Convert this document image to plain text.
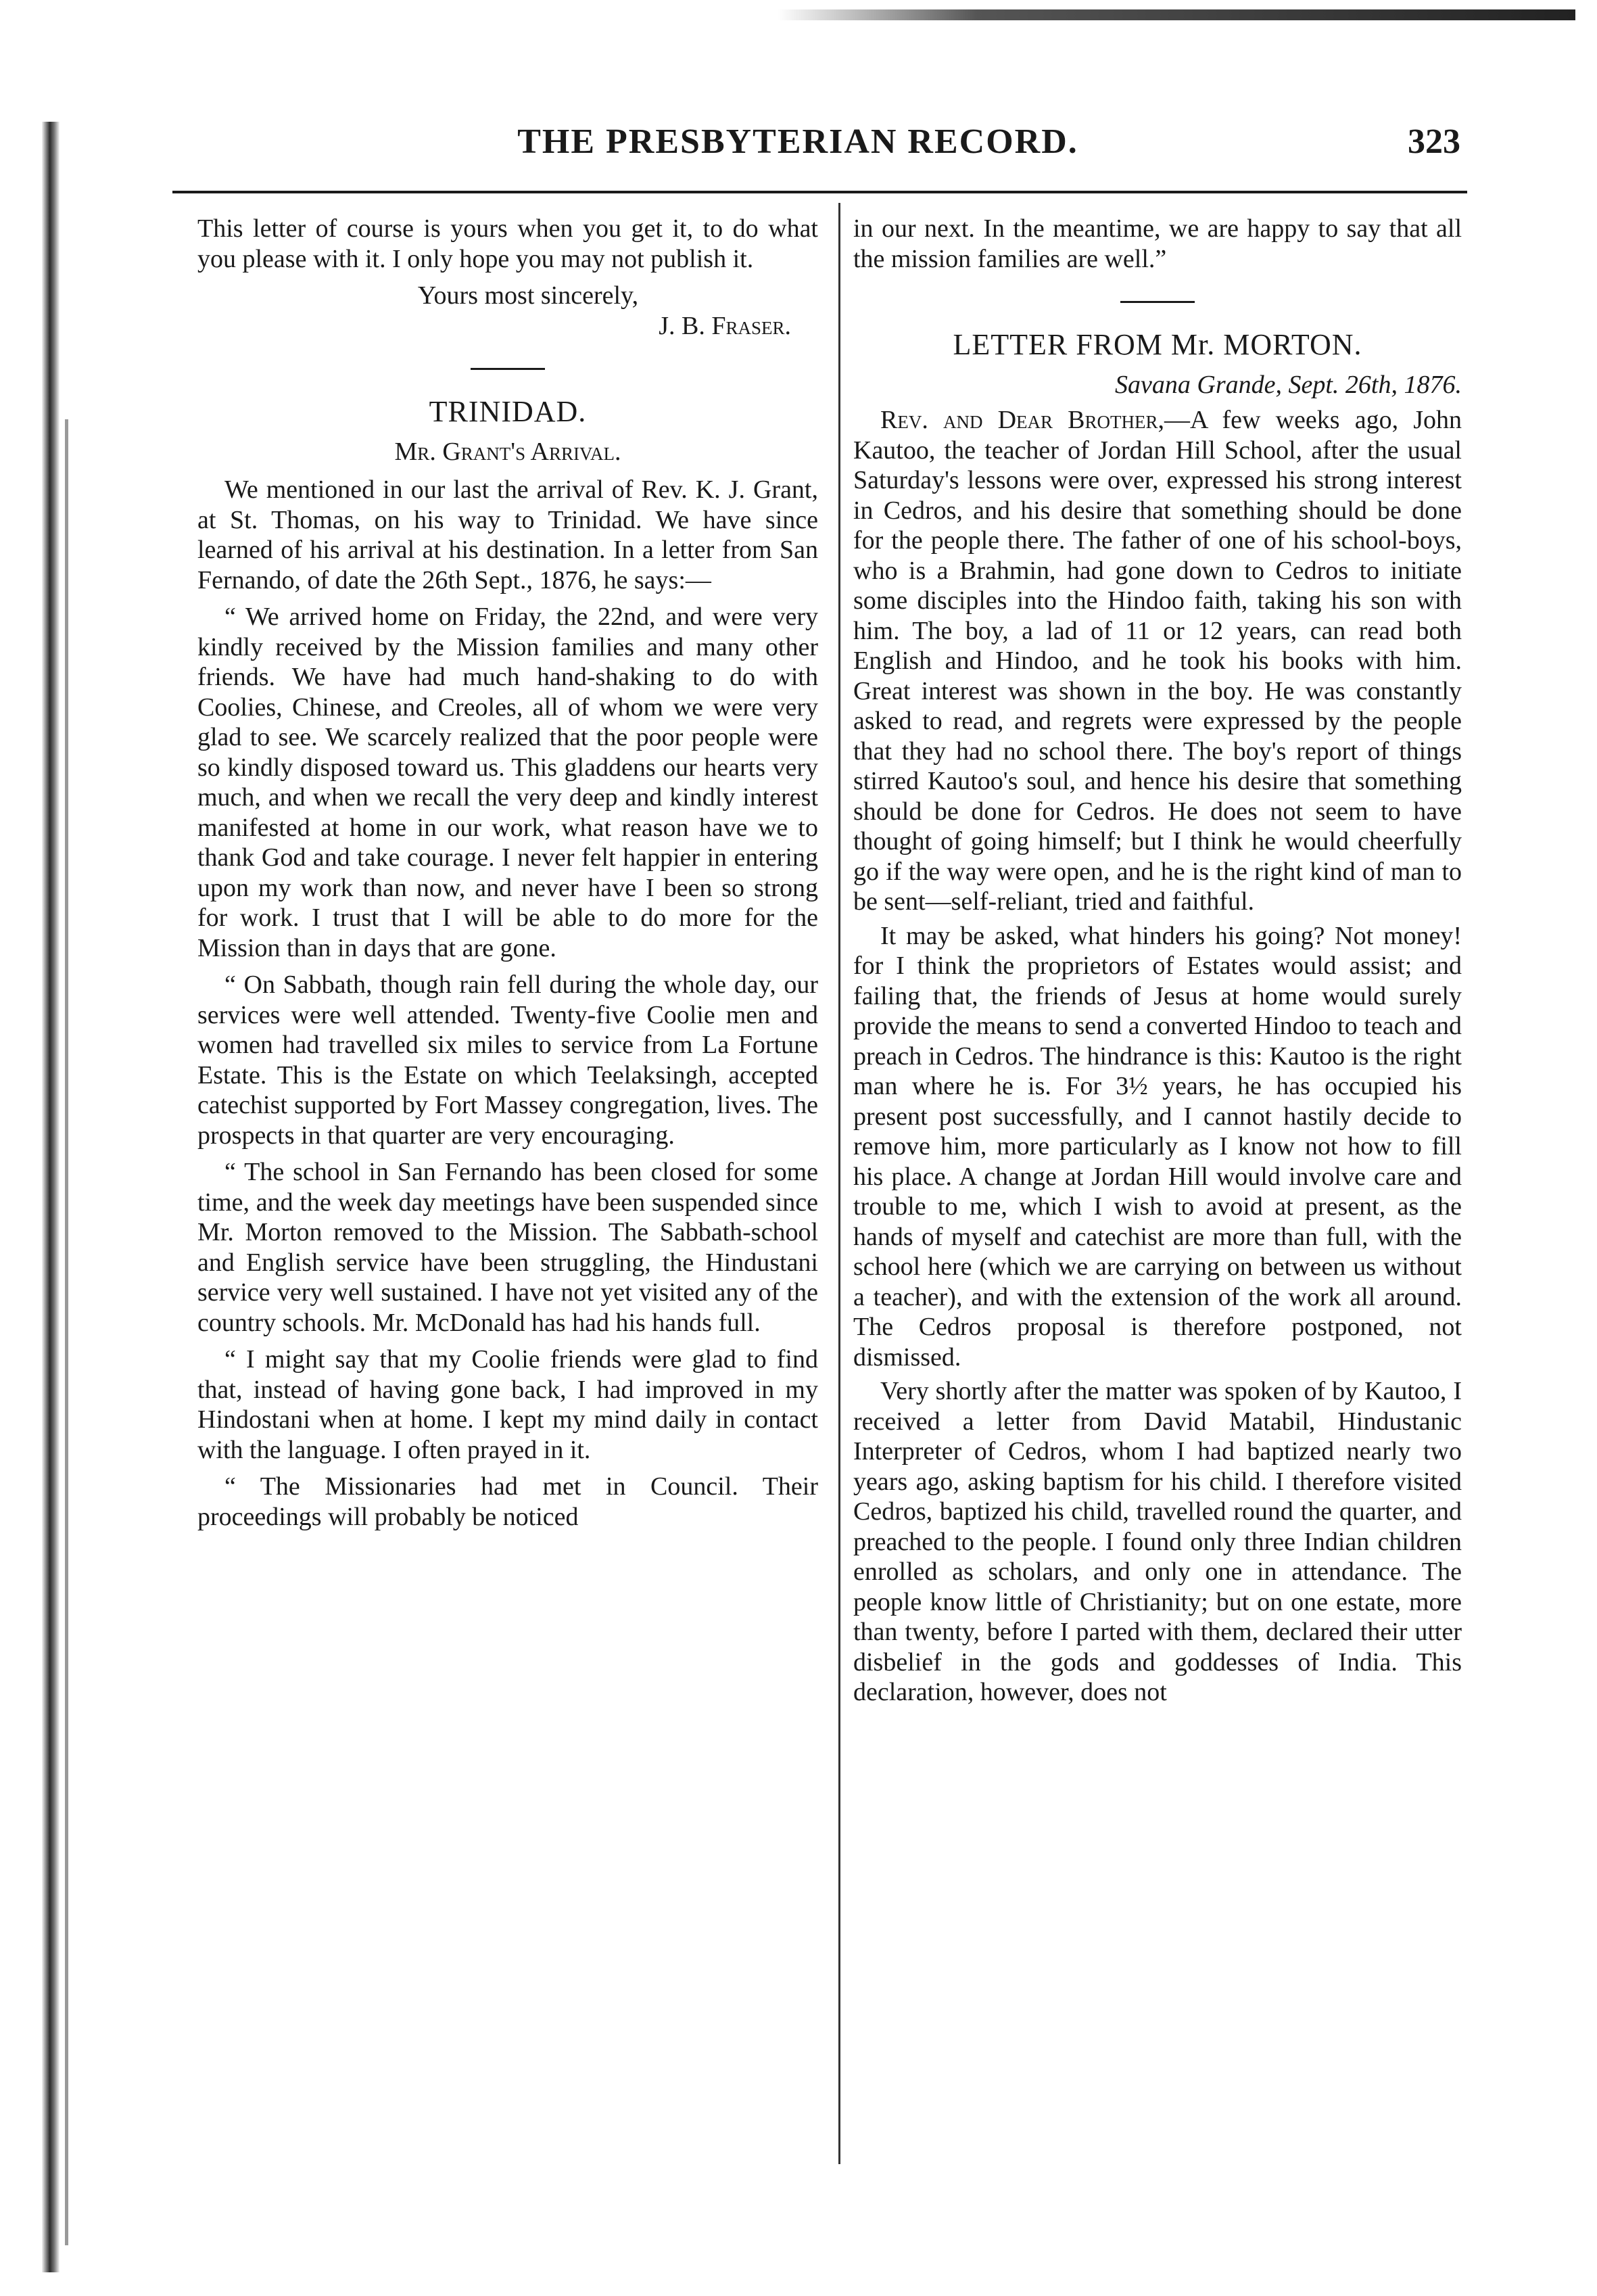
THE PRESBYTERIAN RECORD.	323

This letter of course is yours when you get it, to do what you please with it. I only hope you may not publish it.

Yours most sincerely,

J. B. Fraser.

TRINIDAD.
Mr. Grant's Arrival.

We mentioned in our last the arrival of Rev. K. J. Grant, at St. Thomas, on his way to Trinidad. We have since learned of his arrival at his destination. In a letter from San Fernando, of date the 26th Sept., 1876, he says:—

“ We arrived home on Friday, the 22nd, and were very kindly received by the Mission families and many other friends. We have had much hand-shaking to do with Coolies, Chinese, and Creoles, all of whom we were very glad to see. We scarcely realized that the poor people were so kindly disposed toward us. This gladdens our hearts very much, and when we recall the very deep and kindly interest manifested at home in our work, what reason have we to thank God and take courage. I never felt happier in entering upon my work than now, and never have I been so strong for work. I trust that I will be able to do more for the Mission than in days that are gone.

“ On Sabbath, though rain fell during the whole day, our services were well attended. Twenty-five Coolie men and women had travelled six miles to service from La Fortune Estate. This is the Estate on which Teelaksingh, accepted catechist supported by Fort Massey congregation, lives. The prospects in that quarter are very encouraging.

“ The school in San Fernando has been closed for some time, and the week day meetings have been suspended since Mr. Morton removed to the Mission. The Sabbath-school and English service have been struggling, the Hindustani service very well sustained. I have not yet visited any of the country schools. Mr. McDonald has had his hands full.

“ I might say that my Coolie friends were glad to find that, instead of having gone back, I had improved in my Hindostani when at home. I kept my mind daily in contact with the language. I often prayed in it.

“ The Missionaries had met in Council. Their proceedings will probably be noticed

in our next. In the meantime, we are happy to say that all the mission families are well.”

LETTER FROM Mr. MORTON.

Savana Grande, Sept. 26th, 1876.

Rev. and Dear Brother,—A few weeks ago, John Kautoo, the teacher of Jordan Hill School, after the usual Saturday's lessons were over, expressed his strong interest in Cedros, and his desire that something should be done for the people there. The father of one of his school-boys, who is a Brahmin, had gone down to Cedros to initiate some disciples into the Hindoo faith, taking his son with him. The boy, a lad of 11 or 12 years, can read both English and Hindoo, and he took his books with him. Great interest was shown in the boy. He was constantly asked to read, and regrets were expressed by the people that they had no school there. The boy's report of things stirred Kautoo's soul, and hence his desire that something should be done for Cedros. He does not seem to have thought of going himself; but I think he would cheerfully go if the way were open, and he is the right kind of man to be sent—self-reliant, tried and faithful.

It may be asked, what hinders his going? Not money! for I think the proprietors of Estates would assist; and failing that, the friends of Jesus at home would surely provide the means to send a converted Hindoo to teach and preach in Cedros. The hindrance is this: Kautoo is the right man where he is. For 3½ years, he has occupied his present post successfully, and I cannot hastily decide to remove him, more particularly as I know not how to fill his place. A change at Jordan Hill would involve care and trouble to me, which I wish to avoid at present, as the hands of myself and catechist are more than full, with the school here (which we are carrying on between us without a teacher), and with the extension of the work all around. The Cedros proposal is therefore postponed, not dismissed.

Very shortly after the matter was spoken of by Kautoo, I received a letter from David Matabil, Hindustanic Interpreter of Cedros, whom I had baptized nearly two years ago, asking baptism for his child. I therefore visited Cedros, baptized his child, travelled round the quarter, and preached to the people. I found only three Indian children enrolled as scholars, and only one in attendance. The people know little of Christianity; but on one estate, more than twenty, before I parted with them, declared their utter disbelief in the gods and goddesses of India. This declaration, however, does not
